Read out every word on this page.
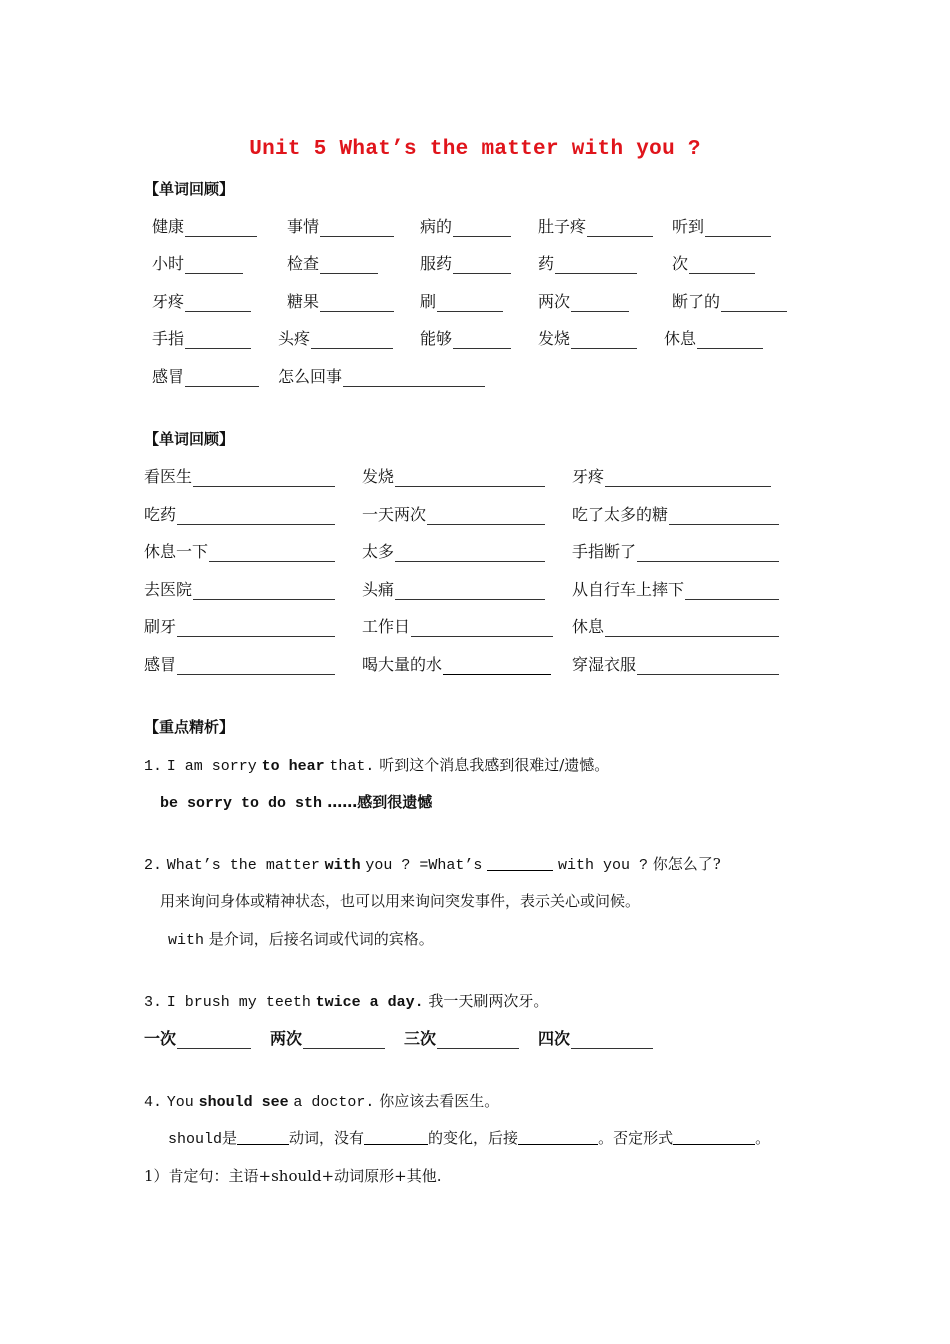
Unit 5 What’s the matter with you ?
【单词回顾】
健康	事情	病的	肚子疼	听到
小时	检查	服药	药	次
牙疼	糖果	刷	两次	断了的
手指	头疼	能够	发烧	休息
感冒	怎么回事
【单词回顾】
看医生	发烧	牙疼
吃药	一天两次	吃了太多的糖
休息一下	太多	手指断了
去医院	头痛	从自行车上摔下
刷牙	工作日	休息
感冒	喝大量的水	穿湿衣服
【重点精析】
1. I am sorry to hear that. 听到这个消息我感到很难过/遗憾。
be sorry to do sth ……感到很遗憾
2. What’s the matter with you ? =What’s	with you ? 你怎么了?
用来询问身体或精神状态，也可以用来询问突发事件，表示关心或问候。
with 是介词，后接名词或代词的宾格。
3. I brush my teeth twice a day. 我一天刷两次牙。
一次	两次	三次	四次
4. You should see a doctor. 你应该去看医生。
should是	动词，没有	的变化，后接	。否定形式	。
1）肯定句：主语+should+动词原形+其他.
